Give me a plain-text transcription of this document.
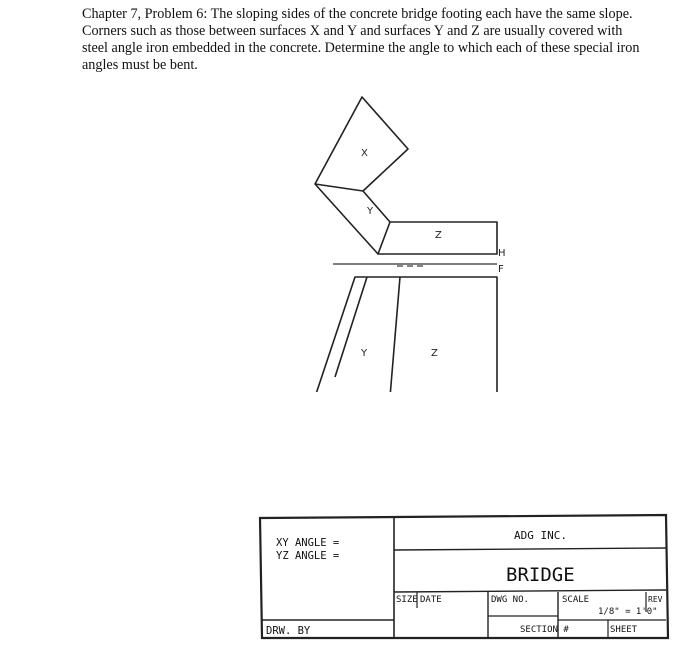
Chapter 7, Problem 6: The sloping sides of the concrete bridge footing each have the same slope. Corners such as those between surfaces X and Y and surfaces Y and Z are usually covered with steel angle iron embedded in the concrete. Determine the angle to which each of these special iron angles must be bent.

X
Y
Z
H
F
Y	Z
XY ANGLE =
YZ ANGLE =
DRW. BY
ADG INC.
BRIDGE
SIZE DATE	DWG NO.	SCALE
1/8" = 1'0"
REV
SECTION #	SHEET
